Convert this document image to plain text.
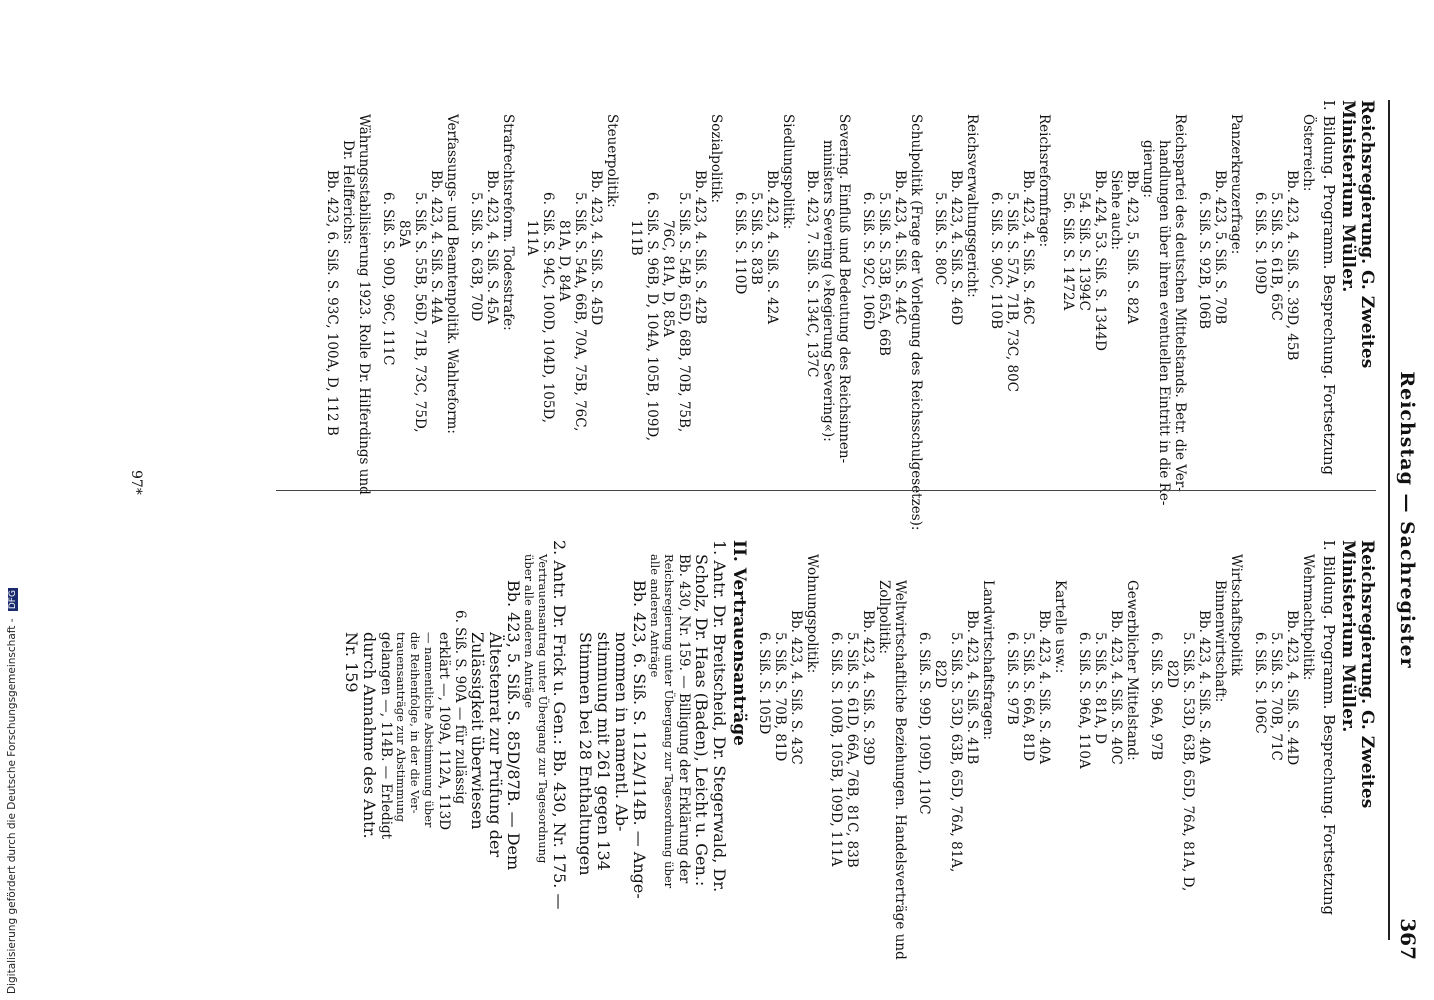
Reichstag — Sachregister
367
Reichsregierung. G. Zweites Ministerium Müller.
I. Bildung. Programm. Besprechung. Fortsetzung
Österreich:
Bb. 423, 4. Siß. S. 39D, 45B
5. Siß. S. 61B, 65C
6. Siß. S. 109D
Panzerkreuzerfrage:
Bb. 423, 5. Siß. S. 70B
6. Siß. S. 92B, 106B
Reichspartei des deutschen Mittelstands. Betr. die Ver-
handlungen über ihren eventuellen Eintritt in die Re-
gierung:
Bb. 423, 5. Siß. S. 82A
Siehe auch:
Bb. 424, 53. Siß. S. 1344D
54. Siß. S. 1394C
56. Siß. S. 1472A
Reichsreformfrage:
Bb. 423, 4. Siß. S. 46C
5. Siß. S. 57A, 71B, 73C, 80C
6. Siß. S. 90C, 110B
Reichsverwaltungsgericht:
Bb. 423, 4. Siß. S. 46D
5. Siß. S. 80C
Schulpolitik (Frage der Vorlegung des Reichsschulgesetzes):
Bb. 423, 4. Siß. S. 44C
5. Siß. S. 53B, 65A, 66B
6. Siß. S. 92C, 106D
Severing. Einfluß und Bedeutung des Reichsinnen-
ministers Severing (»Regierung Severing«):
Bb. 423, 7. Siß. S. 134C, 137C
Siedlungspolitik:
Bb. 423, 4. Siß. S. 42A
5. Siß. S. 83B
6. Siß. S. 110D
Sozialpolitik:
Bb. 423, 4. Siß. S. 42B
5. Siß. S. 54B, 65D, 68B, 70B, 75B,
76C, 81A, D, 85A
6. Siß. S. 96B, D, 104A, 105B, 109D,
111B
Steuerpolitik:
Bb. 423, 4. Siß. S. 45D
5. Siß. S. 54A, 66B, 70A, 75B, 76C,
81A, D, 84A
6. Siß. S. 94C, 100D, 104D, 105D,
111A
Strafrechtsreform. Todesstrafe:
Bb. 423, 4. Siß. S. 45A
5. Siß. S. 63B, 70D
Verfassungs- und Beamtenpolitik. Wahlreform:
Bb. 423, 4. Siß. S. 44A
5. Siß. S. 55B, 56D, 71B, 73C, 75D,
85A
6. Siß. S. 90D, 96C, 111C
Währungsstabilisierung 1923. Rolle Dr. Hilferdings und
Dr. Helfferichs:
Bb. 423, 6. Siß. S. 93C, 100A, D, 112 B
Reichsregierung. G. Zweites Ministerium Müller.
I. Bildung. Programm. Besprechung. Fortsetzung
Wehrmachtpolitik:
Bb. 423, 4. Siß. S. 44D
5. Siß. S. 70B, 71C
6. Siß. S. 106C
Wirtschaftspolitik
Binnenwirtschaft:
Bb. 423, 4. Siß. S. 40A
5. Siß. S. 53D, 63B, 65D, 76A, 81A, D,
82D
6. Siß. S. 96A, 97B
Gewerblicher Mittelstand:
Bb. 423, 4. Siß. S. 40C
5. Siß. S. 81A, D
6. Siß. S. 96A, 110A
Kartelle usw.:
Bb. 423, 4. Siß. S. 40A
5. Siß. S. 66A, 81D
6. Siß. S. 97B
Landwirtschaftsfragen:
Bb. 423, 4. Siß. S. 41B
5. Siß. S. 53D, 63B, 65D, 76A, 81A,
82D
6. Siß. S. 99D, 109D, 110C
Weltwirtschaftliche Beziehungen. Handelsverträge und
Zollpolitik:
Bb. 423, 4. Siß. S. 39D
5. Siß. S. 61D, 66A, 76B, 81C, 83B
6. Siß. S. 100B, 105B, 109D, 111A
Wohnungspolitik:
Bb. 423, 4. Siß. S. 43C
5. Siß. S. 70B, 81D
6. Siß. S. 105D
II. Vertrauensanträge
1. Antr. Dr. Breitscheid, Dr. Stegerwald, Dr.
Scholz, Dr. Haas (Baden), Leicht u. Gen.:
Bb. 430, Nr. 159. — Billigung der Erklärung der
Reichsregierung unter Übergang zur Tagesordnung über
alle anderen Anträge
Bb. 423, 6. Siß. S. 112A/114B. — Ange-
nommen in namentl. Ab-
stimmung mit 261 gegen 134
Stimmen bei 28 Enthaltungen
2. Antr. Dr. Frick u. Gen.: Bb. 430, Nr. 175. —
Vertrauensantrag unter Übergang zur Tagesordnung
über alle anderen Anträge
Bb. 423, 5. Siß. S. 85D/87B. — Dem
Ältestenrat zur Prüfung der
Zulässigkeit überwiesen
6. Siß. S. 90A — für zulässig
erklärt —, 109A, 112A, 113D
— namentliche Abstimmung über
die Reihenfolge, in der die Ver-
trauensanträge zur Abstimmung
gelangen —, 114B. — Erledigt
durch Annahme des Antr.
Nr. 159
97*
Digitalisierung gefördert durch die Deutsche Forschungsgemeinschaft - DFG
